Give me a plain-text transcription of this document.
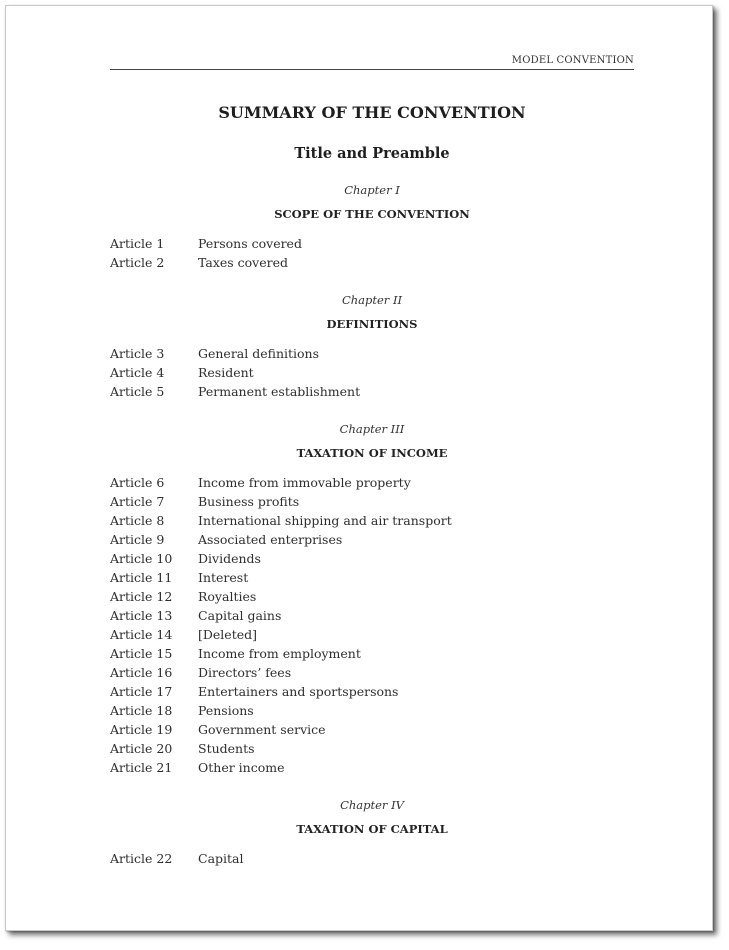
MODEL CONVENTION
SUMMARY OF THE CONVENTION
Title and Preamble
Chapter I
SCOPE OF THE CONVENTION
Article 1	Persons covered
Article 2	Taxes covered
Chapter II
DEFINITIONS
Article 3	General definitions
Article 4	Resident
Article 5	Permanent establishment
Chapter III
TAXATION OF INCOME
Article 6	Income from immovable property
Article 7	Business profits
Article 8	International shipping and air transport
Article 9	Associated enterprises
Article 10	Dividends
Article 11	Interest
Article 12	Royalties
Article 13	Capital gains
Article 14	[Deleted]
Article 15	Income from employment
Article 16	Directors’ fees
Article 17	Entertainers and sportspersons
Article 18	Pensions
Article 19	Government service
Article 20	Students
Article 21	Other income
Chapter IV
TAXATION OF CAPITAL
Article 22	Capital
